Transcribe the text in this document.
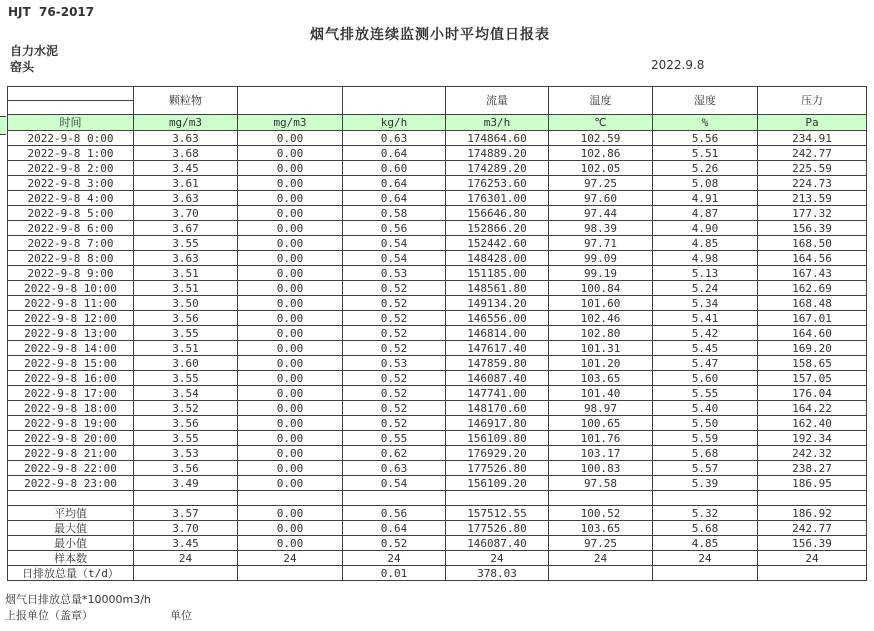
HJT  76-2017
烟气排放连续监测小时平均值日报表
自力水泥
窑头	2022.9.8
	颗粒物			流量	温度	湿度	压力

时间	mg/m3	mg/m3	kg/h	m3/h	℃	%	Pa
2022-9-8 0:00	3.63	0.00	0.63	174864.60	102.59	5.56	234.91
2022-9-8 1:00	3.68	0.00	0.64	174889.20	102.86	5.51	242.77
2022-9-8 2:00	3.45	0.00	0.60	174289.20	102.05	5.26	225.59
2022-9-8 3:00	3.61	0.00	0.64	176253.60	97.25	5.08	224.73
2022-9-8 4:00	3.63	0.00	0.64	176301.00	97.60	4.91	213.59
2022-9-8 5:00	3.70	0.00	0.58	156646.80	97.44	4.87	177.32
2022-9-8 6:00	3.67	0.00	0.56	152866.20	98.39	4.90	156.39
2022-9-8 7:00	3.55	0.00	0.54	152442.60	97.71	4.85	168.50
2022-9-8 8:00	3.63	0.00	0.54	148428.00	99.09	4.98	164.56
2022-9-8 9:00	3.51	0.00	0.53	151185.00	99.19	5.13	167.43
2022-9-8 10:00	3.51	0.00	0.52	148561.80	100.84	5.24	162.69
2022-9-8 11:00	3.50	0.00	0.52	149134.20	101.60	5.34	168.48
2022-9-8 12:00	3.56	0.00	0.52	146556.00	102.46	5.41	167.01
2022-9-8 13:00	3.55	0.00	0.52	146814.00	102.80	5.42	164.60
2022-9-8 14:00	3.51	0.00	0.52	147617.40	101.31	5.45	169.20
2022-9-8 15:00	3.60	0.00	0.53	147859.80	101.20	5.47	158.65
2022-9-8 16:00	3.55	0.00	0.52	146087.40	103.65	5.60	157.05
2022-9-8 17:00	3.54	0.00	0.52	147741.00	101.40	5.55	176.04
2022-9-8 18:00	3.52	0.00	0.52	148170.60	98.97	5.40	164.22
2022-9-8 19:00	3.56	0.00	0.52	146917.80	100.65	5.50	162.40
2022-9-8 20:00	3.55	0.00	0.55	156109.80	101.76	5.59	192.34
2022-9-8 21:00	3.53	0.00	0.62	176929.20	103.17	5.68	242.32
2022-9-8 22:00	3.56	0.00	0.63	177526.80	100.83	5.57	238.27
2022-9-8 23:00	3.49	0.00	0.54	156109.20	97.58	5.39	186.95

平均值	3.57	0.00	0.56	157512.55	100.52	5.32	186.92
最大值	3.70	0.00	0.64	177526.80	103.65	5.68	242.77
最小值	3.45	0.00	0.52	146087.40	97.25	4.85	156.39
样本数	24	24	24	24	24	24	24
日排放总量（t/d）			0.01	378.03			
烟气日排放总量*10000m3/h
上报单位（盖章）	单位
